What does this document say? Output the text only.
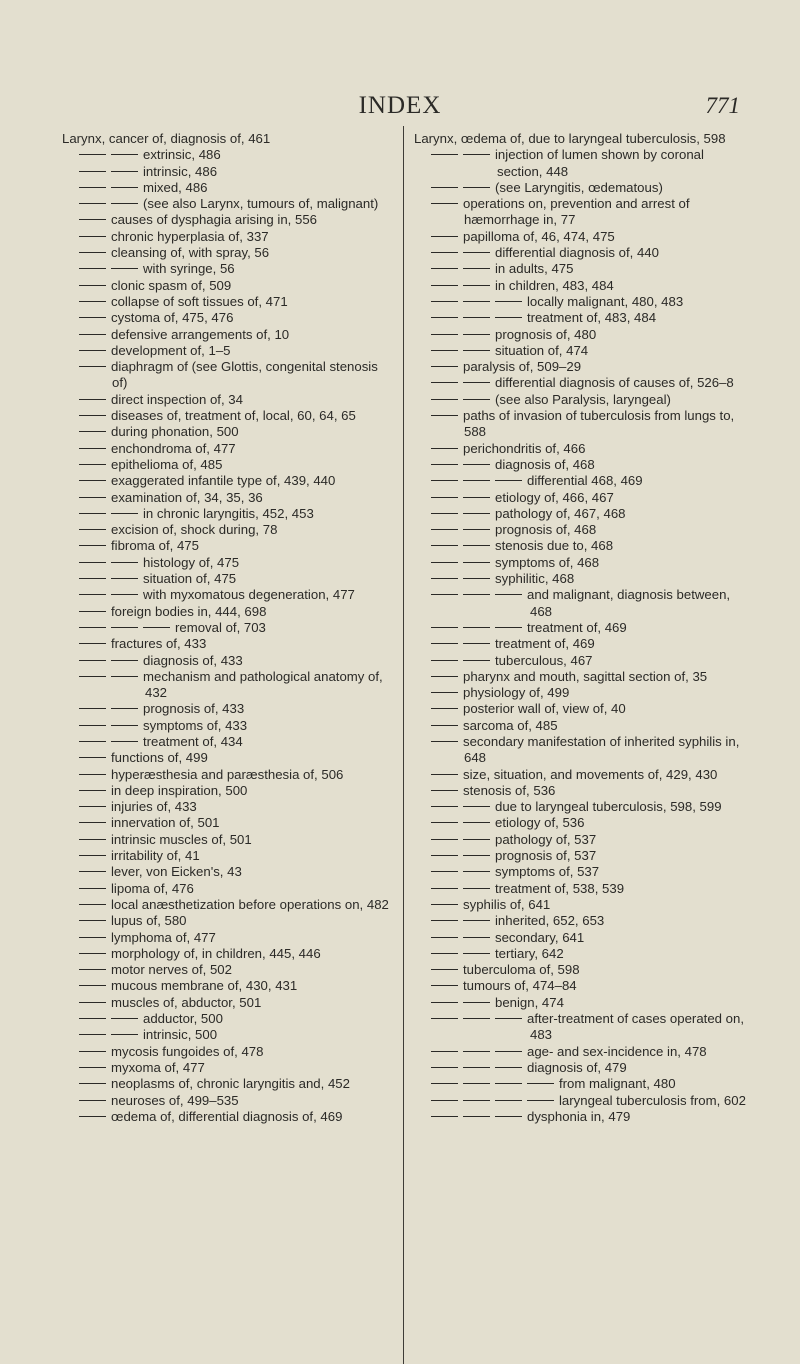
INDEX	771
Larynx, cancer of, diagnosis of, 461
extrinsic, 486
intrinsic, 486
mixed, 486
(see also Larynx, tumours of, malignant)
causes of dysphagia arising in, 556
chronic hyperplasia of, 337
cleansing of, with spray, 56
with syringe, 56
clonic spasm of, 509
collapse of soft tissues of, 471
cystoma of, 475, 476
defensive arrangements of, 10
development of, 1–5
diaphragm of (see Glottis, congenital stenosis of)
direct inspection of, 34
diseases of, treatment of, local, 60, 64, 65
during phonation, 500
enchondroma of, 477
epithelioma of, 485
exaggerated infantile type of, 439, 440
examination of, 34, 35, 36
in chronic laryngitis, 452, 453
excision of, shock during, 78
fibroma of, 475
histology of, 475
situation of, 475
with myxomatous degeneration, 477
foreign bodies in, 444, 698
removal of, 703
fractures of, 433
diagnosis of, 433
mechanism and pathological anatomy of, 432
prognosis of, 433
symptoms of, 433
treatment of, 434
functions of, 499
hyperæsthesia and paræsthesia of, 506
in deep inspiration, 500
injuries of, 433
innervation of, 501
intrinsic muscles of, 501
irritability of, 41
lever, von Eicken's, 43
lipoma of, 476
local anæsthetization before operations on, 482
lupus of, 580
lymphoma of, 477
morphology of, in children, 445, 446
motor nerves of, 502
mucous membrane of, 430, 431
muscles of, abductor, 501
adductor, 500
intrinsic, 500
mycosis fungoides of, 478
myxoma of, 477
neoplasms of, chronic laryngitis and, 452
neuroses of, 499–535
œdema of, differential diagnosis of, 469
Larynx, œdema of, due to laryngeal tuberculosis, 598
injection of lumen shown by coronal section, 448
(see Laryngitis, œdematous)
operations on, prevention and arrest of hæmorrhage in, 77
papilloma of, 46, 474, 475
differential diagnosis of, 440
in adults, 475
in children, 483, 484
locally malignant, 480, 483
treatment of, 483, 484
prognosis of, 480
situation of, 474
paralysis of, 509–29
differential diagnosis of causes of, 526–8
(see also Paralysis, laryngeal)
paths of invasion of tuberculosis from lungs to, 588
perichondritis of, 466
diagnosis of, 468
differential 468, 469
etiology of, 466, 467
pathology of, 467, 468
prognosis of, 468
stenosis due to, 468
symptoms of, 468
syphilitic, 468
and malignant, diagnosis between, 468
treatment of, 469
treatment of, 469
tuberculous, 467
pharynx and mouth, sagittal section of, 35
physiology of, 499
posterior wall of, view of, 40
sarcoma of, 485
secondary manifestation of inherited syphilis in, 648
size, situation, and movements of, 429, 430
stenosis of, 536
due to laryngeal tuberculosis, 598, 599
etiology of, 536
pathology of, 537
prognosis of, 537
symptoms of, 537
treatment of, 538, 539
syphilis of, 641
inherited, 652, 653
secondary, 641
tertiary, 642
tuberculoma of, 598
tumours of, 474–84
benign, 474
after-treatment of cases operated on, 483
age- and sex-incidence in, 478
diagnosis of, 479
from malignant, 480
laryngeal tuberculosis from, 602
dysphonia in, 479
